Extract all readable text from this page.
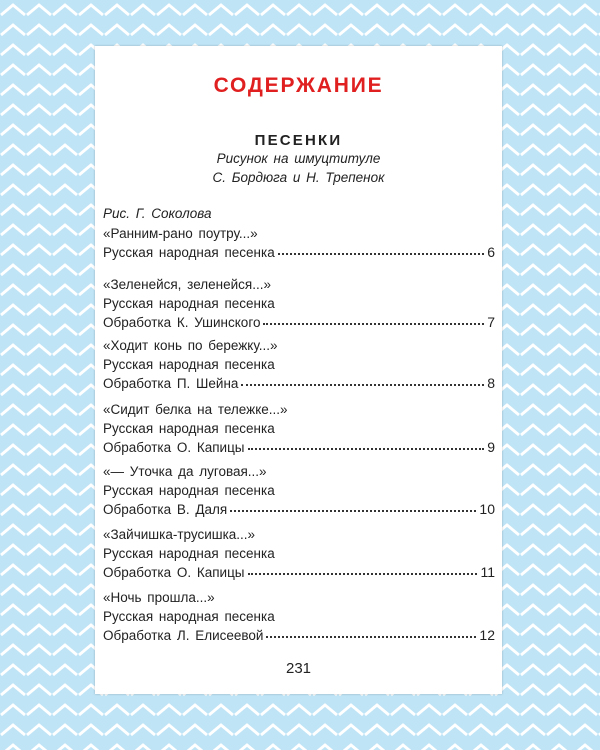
СОДЕРЖАНИЕ
ПЕСЕНКИ
Рисунок на шмуцтитуле
С. Бордюга и Н. Трепенок
Рис. Г. Соколова
«Ранним-рано поутру...»
Русская народная песенка	6
«Зеленейся, зеленейся...»
Русская народная песенка
Обработка К. Ушинского	7
«Ходит конь по бережку...»
Русская народная песенка
Обработка П. Шейна	8
«Сидит белка на тележке...»
Русская народная песенка
Обработка О. Капицы	9
«— Уточка да луговая...»
Русская народная песенка
Обработка В. Даля	10
«Зайчишка-трусишка...»
Русская народная песенка
Обработка О. Капицы	11
«Ночь прошла...»
Русская народная песенка
Обработка Л. Елисеевой	12
231
